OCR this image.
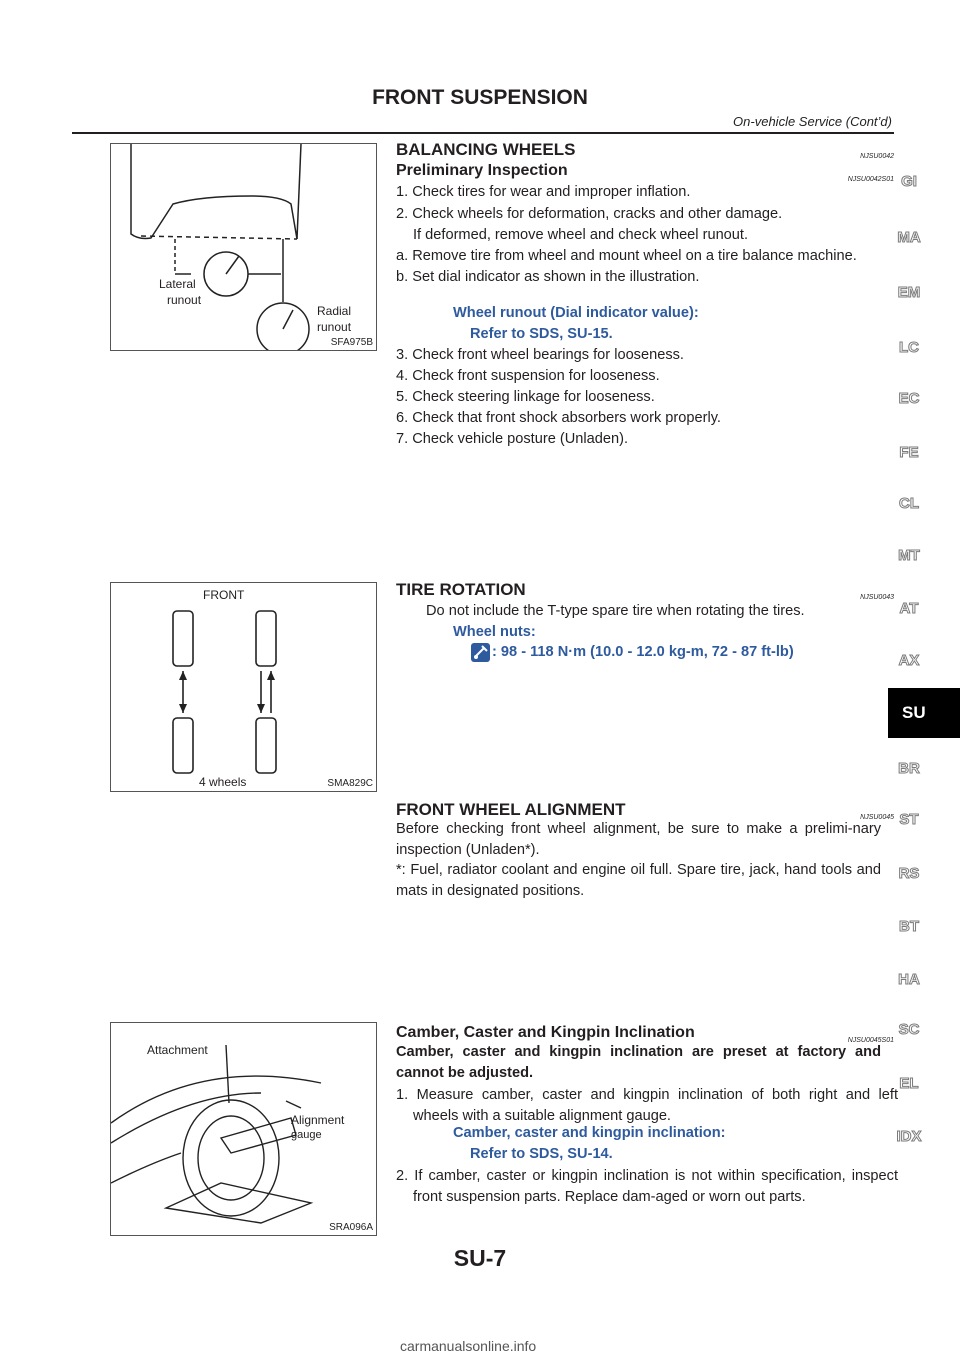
FRONT SUSPENSION
On-vehicle Service (Cont’d)
Lateral
runout
Radial
runout
SFA975B
BALANCING WHEELS	NJSU0042
Preliminary Inspection
NJSU0042S01
1. Check tires for wear and improper inflation.
2. Check wheels for deformation, cracks and other damage.
If deformed, remove wheel and check wheel runout.
a. Remove tire from wheel and mount wheel on a tire balance machine.
b. Set dial indicator as shown in the illustration.
Wheel runout (Dial indicator value):
Refer to SDS, SU-15.
3. Check front wheel bearings for looseness.
4. Check front suspension for looseness.
5. Check steering linkage for looseness.
6. Check that front shock absorbers work properly.
7. Check vehicle posture (Unladen).
FRONT
4 wheels	SMA829C
TIRE ROTATION	NJSU0043
Do not include the T-type spare tire when rotating the tires.
Wheel nuts:
: 98 - 118 N·m (10.0 - 12.0 kg-m, 72 - 87 ft-lb)
FRONT WHEEL ALIGNMENT	NJSU0045
Before checking front wheel alignment, be sure to make a prelimi-nary inspection (Unladen*).
*: Fuel, radiator coolant and engine oil full. Spare tire, jack, hand tools and mats in designated positions.
Attachment
Alignment
gauge
SRA096A
Camber, Caster and Kingpin Inclination	NJSU0045S01
Camber, caster and kingpin inclination are preset at factory and cannot be adjusted.
1. Measure camber, caster and kingpin inclination of both right and left wheels with a suitable alignment gauge.
Camber, caster and kingpin inclination:
Refer to SDS, SU-14.
2. If camber, caster or kingpin inclination is not within specification, inspect front suspension parts. Replace dam-aged or worn out parts.
GI
MA
EM
LC
EC
FE
CL
MT
AT
AX
SU
BR
ST
RS
BT
HA
SC
EL
IDX
SU-7
carmanualsonline.info
